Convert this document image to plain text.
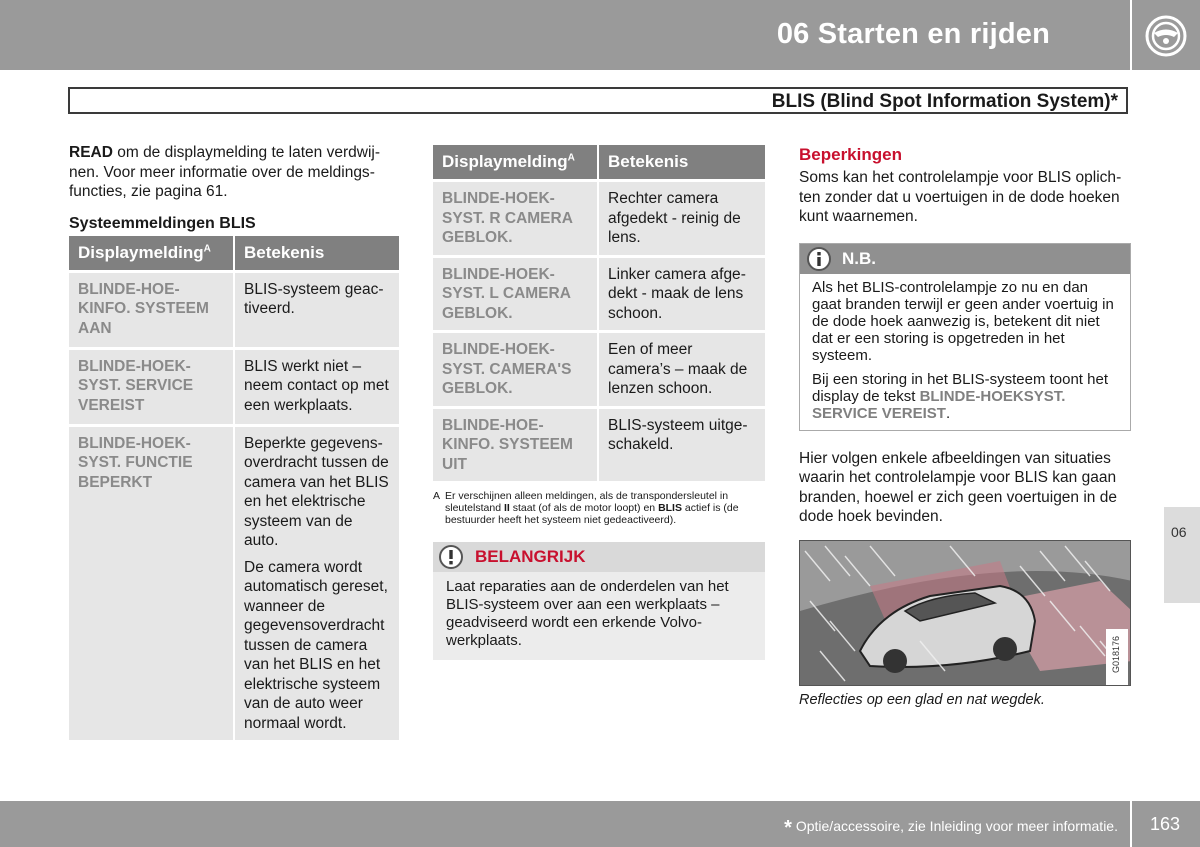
06 Starten en rijden
BLIS (Blind Spot Information System)*

READ om de displaymelding te laten verdwijnen. Voor meer informatie over de meldingsfuncties, zie pagina 61.

Systeemmeldingen BLIS
Displaymelding$^A$	Betekenis
BLINDE-HOEKINFO. SYSTEEM AAN	BLIS-systeem geactiveerd.
BLINDE-HOEKSYST. SERVICE VEREIST	BLIS werkt niet – neem contact op met een werkplaats.
BLINDE-HOEKSYST. FUNCTIE BEPERKT	Beperkte gegevensoverdracht tussen de camera van het BLIS en het elektrische systeem van de auto.

De camera wordt automatisch gereset, wanneer de gegevensoverdracht tussen de camera van het BLIS en het elektrische systeem van de auto weer normaal wordt.

Displaymelding$^A$	Betekenis
BLINDE-HOEKSYST. R CAMERA GEBLOK.	Rechter camera afgedekt - reinig de lens.
BLINDE-HOEKSYST. L CAMERA GEBLOK.	Linker camera afgedekt - maak de lens schoon.
BLINDE-HOEKSYST. CAMERA'S GEBLOK.	Een of meer camera’s – maak de lenzen schoon.
BLINDE-HOEKINFO. SYSTEEM UIT	BLIS-systeem uitgeschakeld.
A Er verschijnen alleen meldingen, als de transpondersleutel in sleutelstand II staat (of als de motor loopt) en BLIS actief is (de bestuurder heeft het systeem niet gedeactiveerd).
BELANGRIJK
Laat reparaties aan de onderdelen van het BLIS-systeem over aan een werkplaats – geadviseerd wordt een erkende Volvowerkplaats.
Beperkingen

Soms kan het controlelampje voor BLIS oplichten zonder dat u voertuigen in de dode hoeken kunt waarnemen.

N.B.

Als het BLIS-controlelampje zo nu en dan gaat branden terwijl er geen ander voertuig in de dode hoek aanwezig is, betekent dit niet dat er een storing is opgetreden in het systeem.

Bij een storing in het BLIS-systeem toont het display de tekst BLINDE-HOEKSYST. SERVICE VEREIST.

Hier volgen enkele afbeeldingen van situaties waarin het controlelampje voor BLIS kan gaan branden, hoewel er zich geen voertuigen in de dode hoek bevinden.

G018176
Reflecties op een glad en nat wegdek.
06
* Optie/accessoire, zie Inleiding voor meer informatie. 163
